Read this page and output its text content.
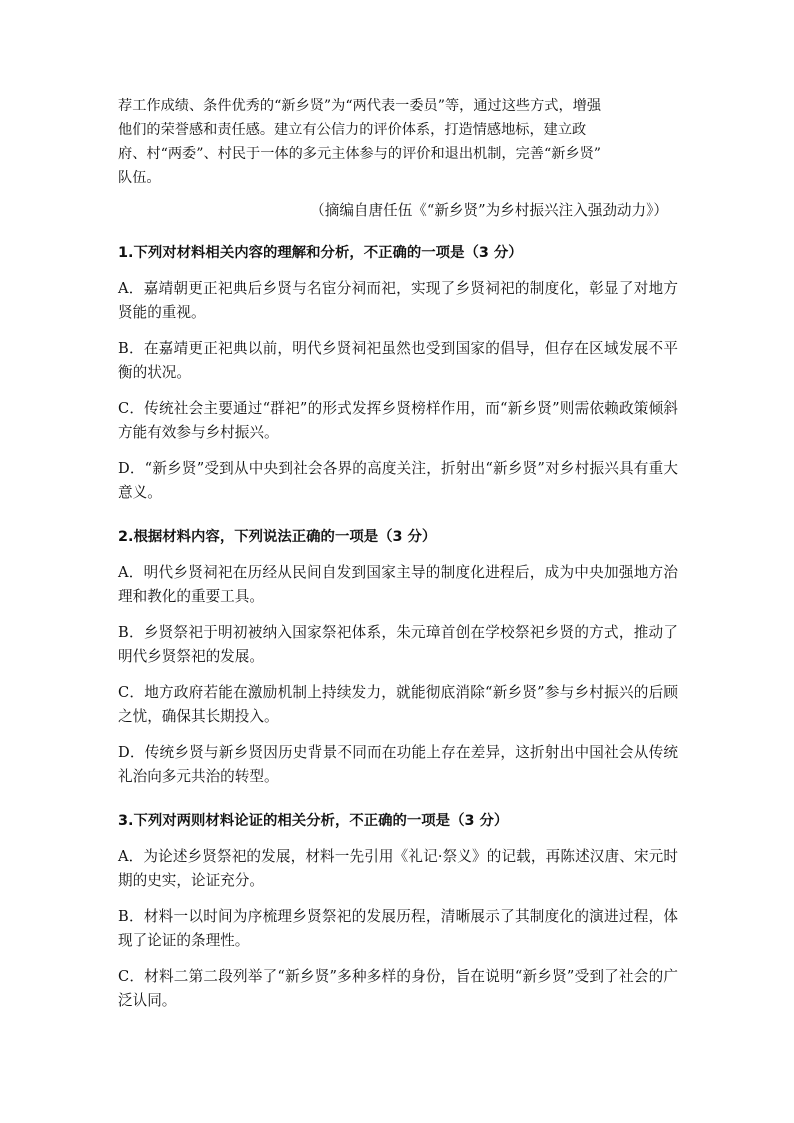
荐工作成绩、条件优秀的“新乡贤”为“两代表一委员”等，通过这些方式，增强
他们的荣誉感和责任感。建立有公信力的评价体系，打造情感地标，建立政
府、村“两委”、村民于一体的多元主体参与的评价和退出机制，完善“新乡贤”
队伍。

（摘编自唐任伍《“新乡贤”为乡村振兴注入强劲动力》）
1.下列对材料相关内容的理解和分析，不正确的一项是（3 分）
A．嘉靖朝更正祀典后乡贤与名宦分祠而祀，实现了乡贤祠祀的制度化，彰显了对地方贤能的重视。
B．在嘉靖更正祀典以前，明代乡贤祠祀虽然也受到国家的倡导，但存在区域发展不平衡的状况。
C．传统社会主要通过“群祀”的形式发挥乡贤榜样作用，而“新乡贤”则需依赖政策倾斜方能有效参与乡村振兴。
D．“新乡贤”受到从中央到社会各界的高度关注，折射出“新乡贤”对乡村振兴具有重大意义。
2.根据材料内容，下列说法正确的一项是（3 分）
A．明代乡贤祠祀在历经从民间自发到国家主导的制度化进程后，成为中央加强地方治理和教化的重要工具。
B．乡贤祭祀于明初被纳入国家祭祀体系，朱元璋首创在学校祭祀乡贤的方式，推动了明代乡贤祭祀的发展。
C．地方政府若能在激励机制上持续发力，就能彻底消除“新乡贤”参与乡村振兴的后顾之忧，确保其长期投入。
D．传统乡贤与新乡贤因历史背景不同而在功能上存在差异，这折射出中国社会从传统礼治向多元共治的转型。
3.下列对两则材料论证的相关分析，不正确的一项是（3 分）
A．为论述乡贤祭祀的发展，材料一先引用《礼记·祭义》的记载，再陈述汉唐、宋元时期的史实，论证充分。
B．材料一以时间为序梳理乡贤祭祀的发展历程，清晰展示了其制度化的演进过程，体现了论证的条理性。
C．材料二第二段列举了“新乡贤”多种多样的身份，旨在说明“新乡贤”受到了社会的广泛认同。
